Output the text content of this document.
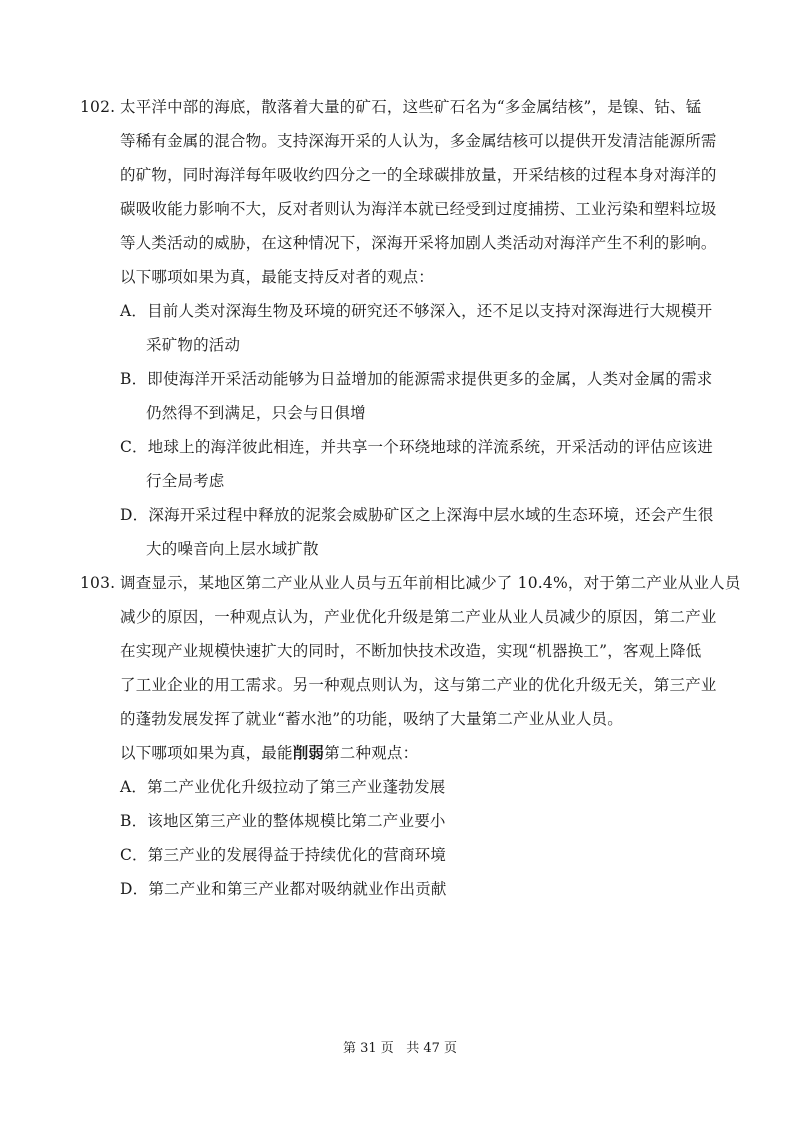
102. 太平洋中部的海底，散落着大量的矿石，这些矿石名为“多金属结核”，是镍、钴、锰
等稀有金属的混合物。支持深海开采的人认为，多金属结核可以提供开发清洁能源所需
的矿物，同时海洋每年吸收约四分之一的全球碳排放量，开采结核的过程本身对海洋的
碳吸收能力影响不大，反对者则认为海洋本就已经受到过度捕捞、工业污染和塑料垃圾
等人类活动的威胁，在这种情况下，深海开采将加剧人类活动对海洋产生不利的影响。
以下哪项如果为真，最能支持反对者的观点：
A．目前人类对深海生物及环境的研究还不够深入，还不足以支持对深海进行大规模开
采矿物的活动
B．即使海洋开采活动能够为日益增加的能源需求提供更多的金属，人类对金属的需求
仍然得不到满足，只会与日俱增
C．地球上的海洋彼此相连，并共享一个环绕地球的洋流系统，开采活动的评估应该进
行全局考虑
D．深海开采过程中释放的泥浆会威胁矿区之上深海中层水域的生态环境，还会产生很
大的噪音向上层水域扩散
103. 调查显示，某地区第二产业从业人员与五年前相比减少了 10.4%，对于第二产业从业人员
减少的原因，一种观点认为，产业优化升级是第二产业从业人员减少的原因，第二产业
在实现产业规模快速扩大的同时，不断加快技术改造，实现“机器换工”，客观上降低
了工业企业的用工需求。另一种观点则认为，这与第二产业的优化升级无关，第三产业
的蓬勃发展发挥了就业“蓄水池”的功能，吸纳了大量第二产业从业人员。
以下哪项如果为真，最能削弱第二种观点：
A．第二产业优化升级拉动了第三产业蓬勃发展
B．该地区第三产业的整体规模比第二产业要小
C．第三产业的发展得益于持续优化的营商环境
D．第二产业和第三产业都对吸纳就业作出贡献
第 31 页   共 47 页
